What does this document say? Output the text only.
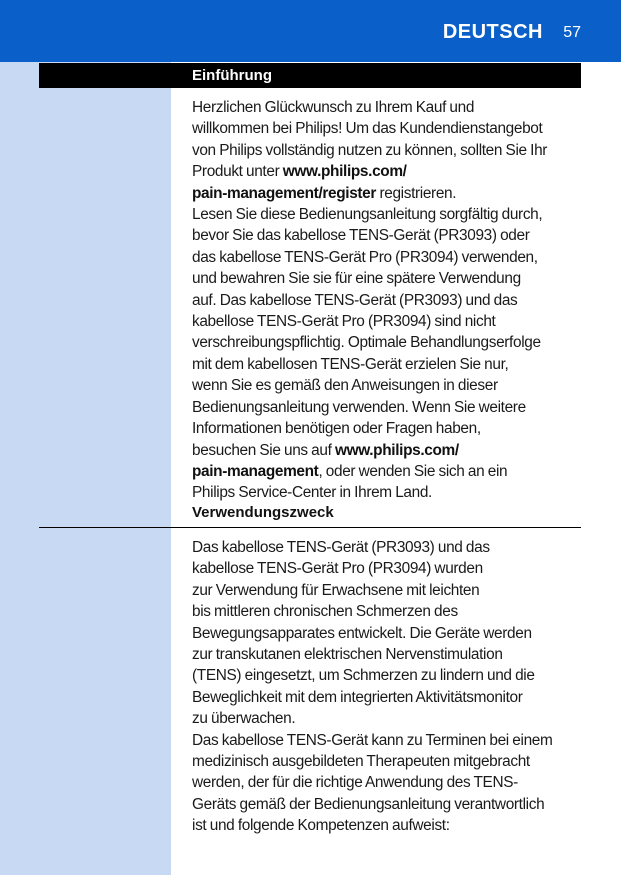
DEUTSCH 57
Einführung

Herzlichen Glückwunsch zu Ihrem Kauf und
willkommen bei Philips! Um das Kundendienstangebot
von Philips vollständig nutzen zu können, sollten Sie Ihr
Produkt unter www.philips.com/
pain-management/register registrieren.

Lesen Sie diese Bedienungsanleitung sorgfältig durch,
bevor Sie das kabellose TENS-Gerät (PR3093) oder
das kabellose TENS-Gerät Pro (PR3094) verwenden,
und bewahren Sie sie für eine spätere Verwendung
auf. Das kabellose TENS-Gerät (PR3093) und das
kabellose TENS-Gerät Pro (PR3094) sind nicht
verschreibungspflichtig. Optimale Behandlungserfolge
mit dem kabellosen TENS-Gerät erzielen Sie nur,
wenn Sie es gemäß den Anweisungen in dieser
Bedienungsanleitung verwenden. Wenn Sie weitere
Informationen benötigen oder Fragen haben,
besuchen Sie uns auf www.philips.com/
pain-management, oder wenden Sie sich an ein
Philips Service-Center in Ihrem Land.

Verwendungszweck

Das kabellose TENS-Gerät (PR3093) und das
kabellose TENS-Gerät Pro (PR3094) wurden
zur Verwendung für Erwachsene mit leichten
bis mittleren chronischen Schmerzen des
Bewegungsapparates entwickelt. Die Geräte werden
zur transkutanen elektrischen Nervenstimulation
(TENS) eingesetzt, um Schmerzen zu lindern und die
Beweglichkeit mit dem integrierten Aktivitätsmonitor
zu überwachen.

Das kabellose TENS-Gerät kann zu Terminen bei einem
medizinisch ausgebildeten Therapeuten mitgebracht
werden, der für die richtige Anwendung des TENS-
Geräts gemäß der Bedienungsanleitung verantwortlich
ist und folgende Kompetenzen aufweist:
